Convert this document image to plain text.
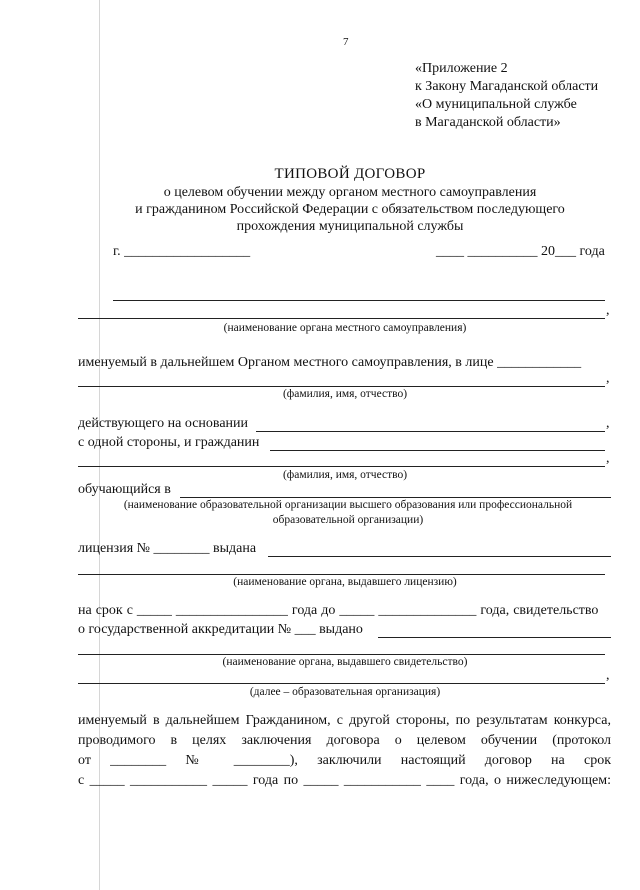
7
«Приложение 2
к Закону Магаданской области
«О муниципальной службе
в Магаданской области»
ТИПОВОЙ ДОГОВОР
о целевом обучении между органом местного самоуправления
и гражданином Российской Федерации с обязательством последующего
прохождения муниципальной службы
г. __________________	____ __________ 20___ года
,
(наименование органа местного самоуправления)
именуемый в дальнейшем Органом местного самоуправления, в лице ____________
,
(фамилия, имя, отчество)
действующего на основании	,
с одной стороны, и гражданин
,
(фамилия, имя, отчество)
обучающийся в
(наименование образовательной организации высшего образования или профессиональной
образовательной организации)
лицензия № ________ выдана
(наименование органа, выдавшего лицензию)
на срок с _____ ________________ года до _____ ______________ года, свидетельство
о государственной аккредитации № ___ выдано
(наименование органа, выдавшего свидетельство)
,
(далее – образовательная организация)
именуемый в дальнейшем Гражданином, с другой стороны, по результатам конкурса,
проводимого в целях заключения договора о целевом обучении (протокол
от ________ № ________), заключили настоящий договор на срок
с _____ ___________ _____ года по _____ ___________ ____ года, о нижеследующем:
